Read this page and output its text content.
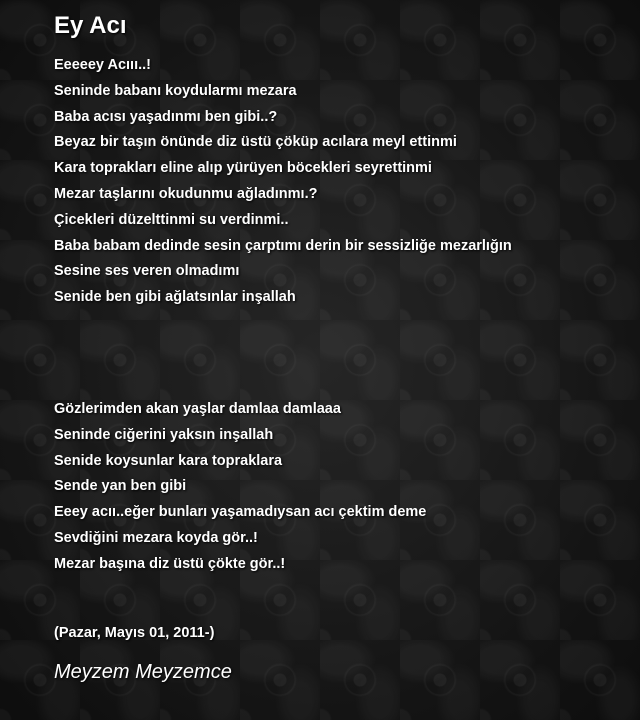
Ey Acı
Eeeeey Acııı..!
Seninde babanı koydularmı mezara
Baba acısı yaşadınmı ben gibi..?
Beyaz bir taşın önünde diz üstü çöküp acılara meyl ettinmi
Kara toprakları eline alıp yürüyen böcekleri seyrettinmi
Mezar taşlarını okudunmu ağladınmı.?
Çicekleri düzelttinmi su verdinmi..
Baba babam dedinde sesin çarptımı derin bir sessizliğe mezarlığın
Sesine ses veren olmadımı
Senide ben gibi ağlatsınlar inşallah
Gözlerimden akan yaşlar damlaa damlaaa
Seninde ciğerini yaksın inşallah
Senide koysunlar kara topraklara
Sende yan ben gibi
Eeey acıı..eğer bunları yaşamadıysan acı çektim deme
Sevdiğini mezara koyda gör..!
Mezar başına diz üstü çökte gör..!
(Pazar, Mayıs 01, 2011-)
Meyzem Meyzemce
